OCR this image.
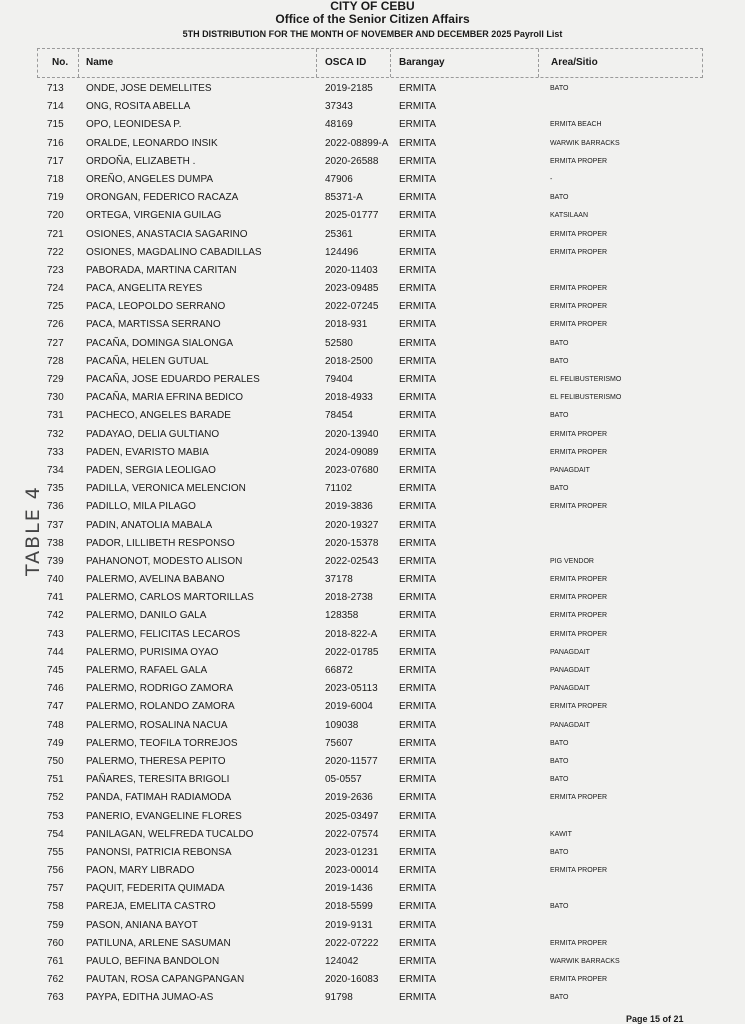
CITY OF CEBU
Office of the Senior Citizen Affairs
5TH DISTRIBUTION FOR THE MONTH OF NOVEMBER AND DECEMBER 2025 Payroll List
No. Name	OSCA ID	Barangay	Area/Sitio
713	ONDE, JOSE DEMELLITES	2019-2185	ERMITA	BATO
714	ONG, ROSITA ABELLA	37343	ERMITA
715	OPO, LEONIDESA P.	48169	ERMITA	ERMITA BEACH
716	ORALDE, LEONARDO INSIK	2022-08899-A ERMITA	WARWIK BARRACKS
717	ORDOÑA, ELIZABETH .	2020-26588 ERMITA	ERMITA PROPER
718	OREÑO, ANGELES DUMPA	47906	ERMITA	-
719	ORONGAN, FEDERICO RACAZA	85371-A	ERMITA	BATO
720	ORTEGA, VIRGENIA GUILAG	2025-01777 ERMITA	KATSILAAN
721	OSIONES, ANASTACIA SAGARINO	25361	ERMITA	ERMITA PROPER
722	OSIONES, MAGDALINO CABADILLAS	124496	ERMITA	ERMITA PROPER
723	PABORADA, MARTINA CARITAN	2020-11403 ERMITA
724	PACA, ANGELITA REYES	2023-09485 ERMITA	ERMITA PROPER
725	PACA, LEOPOLDO SERRANO	2022-07245 ERMITA	ERMITA PROPER
726	PACA, MARTISSA SERRANO	2018-931	ERMITA	ERMITA PROPER
727	PACAÑA, DOMINGA SIALONGA	52580	ERMITA	BATO
728	PACAÑA, HELEN GUTUAL	2018-2500	ERMITA	BATO
729	PACAÑA, JOSE EDUARDO PERALES	79404	ERMITA	EL FELIBUSTERISMO
730	PACAÑA, MARIA EFRINA BEDICO	2018-4933	ERMITA	EL FELIBUSTERISMO
731	PACHECO, ANGELES BARADE	78454	ERMITA	BATO
732	PADAYAO, DELIA GULTIANO	2020-13940 ERMITA	ERMITA PROPER
733	PADEN, EVARISTO MABIA	2024-09089 ERMITA	ERMITA PROPER
734	PADEN, SERGIA LEOLIGAO	2023-07680 ERMITA	PANAGDAIT
735	PADILLA, VERONICA MELENCION	71102	ERMITA	BATO
736	PADILLO, MILA PILAGO	2019-3836	ERMITA	ERMITA PROPER
737	PADIN, ANATOLIA MABALA	2020-19327 ERMITA
738	PADOR, LILLIBETH RESPONSO	2020-15378 ERMITA
739	PAHANONOT, MODESTO ALISON	2022-02543 ERMITA	PIG VENDOR
740	PALERMO, AVELINA BABANO	37178	ERMITA	ERMITA PROPER
741	PALERMO, CARLOS MARTORILLAS	2018-2738	ERMITA	ERMITA PROPER
742	PALERMO, DANILO GALA	128358	ERMITA	ERMITA PROPER
743	PALERMO, FELICITAS LECAROS	2018-822-A ERMITA	ERMITA PROPER
744	PALERMO, PURISIMA OYAO	2022-01785 ERMITA	PANAGDAIT
745	PALERMO, RAFAEL GALA	66872	ERMITA	PANAGDAIT
746	PALERMO, RODRIGO ZAMORA	2023-05113 ERMITA	PANAGDAIT
747	PALERMO, ROLANDO ZAMORA	2019-6004	ERMITA	ERMITA PROPER
748	PALERMO, ROSALINA NACUA	109038	ERMITA	PANAGDAIT
749	PALERMO, TEOFILA TORREJOS	75607	ERMITA	BATO
750	PALERMO, THERESA PEPITO	2020-11577 ERMITA	BATO
751	PAÑARES, TERESITA BRIGOLI	05-0557	ERMITA	BATO
752	PANDA, FATIMAH RADIAMODA	2019-2636	ERMITA	ERMITA PROPER
753	PANERIO, EVANGELINE FLORES	2025-03497 ERMITA
754	PANILAGAN, WELFREDA TUCALDO	2022-07574 ERMITA	KAWIT
755	PANONSI, PATRICIA REBONSA	2023-01231 ERMITA	BATO
756	PAON, MARY LIBRADO	2023-00014 ERMITA	ERMITA PROPER
757	PAQUIT, FEDERITA QUIMADA	2019-1436	ERMITA
758	PAREJA, EMELITA CASTRO	2018-5599	ERMITA	BATO
759	PASON, ANIANA BAYOT	2019-9131	ERMITA
760	PATILUNA, ARLENE SASUMAN	2022-07222 ERMITA	ERMITA PROPER
761	PAULO, BEFINA BANDOLON	124042	ERMITA	WARWIK BARRACKS
762	PAUTAN, ROSA CAPANGPANGAN	2020-16083 ERMITA	ERMITA PROPER
763	PAYPA, EDITHA JUMAO-AS	91798	ERMITA	BATO
TABLE 4
Page 15 of 21
